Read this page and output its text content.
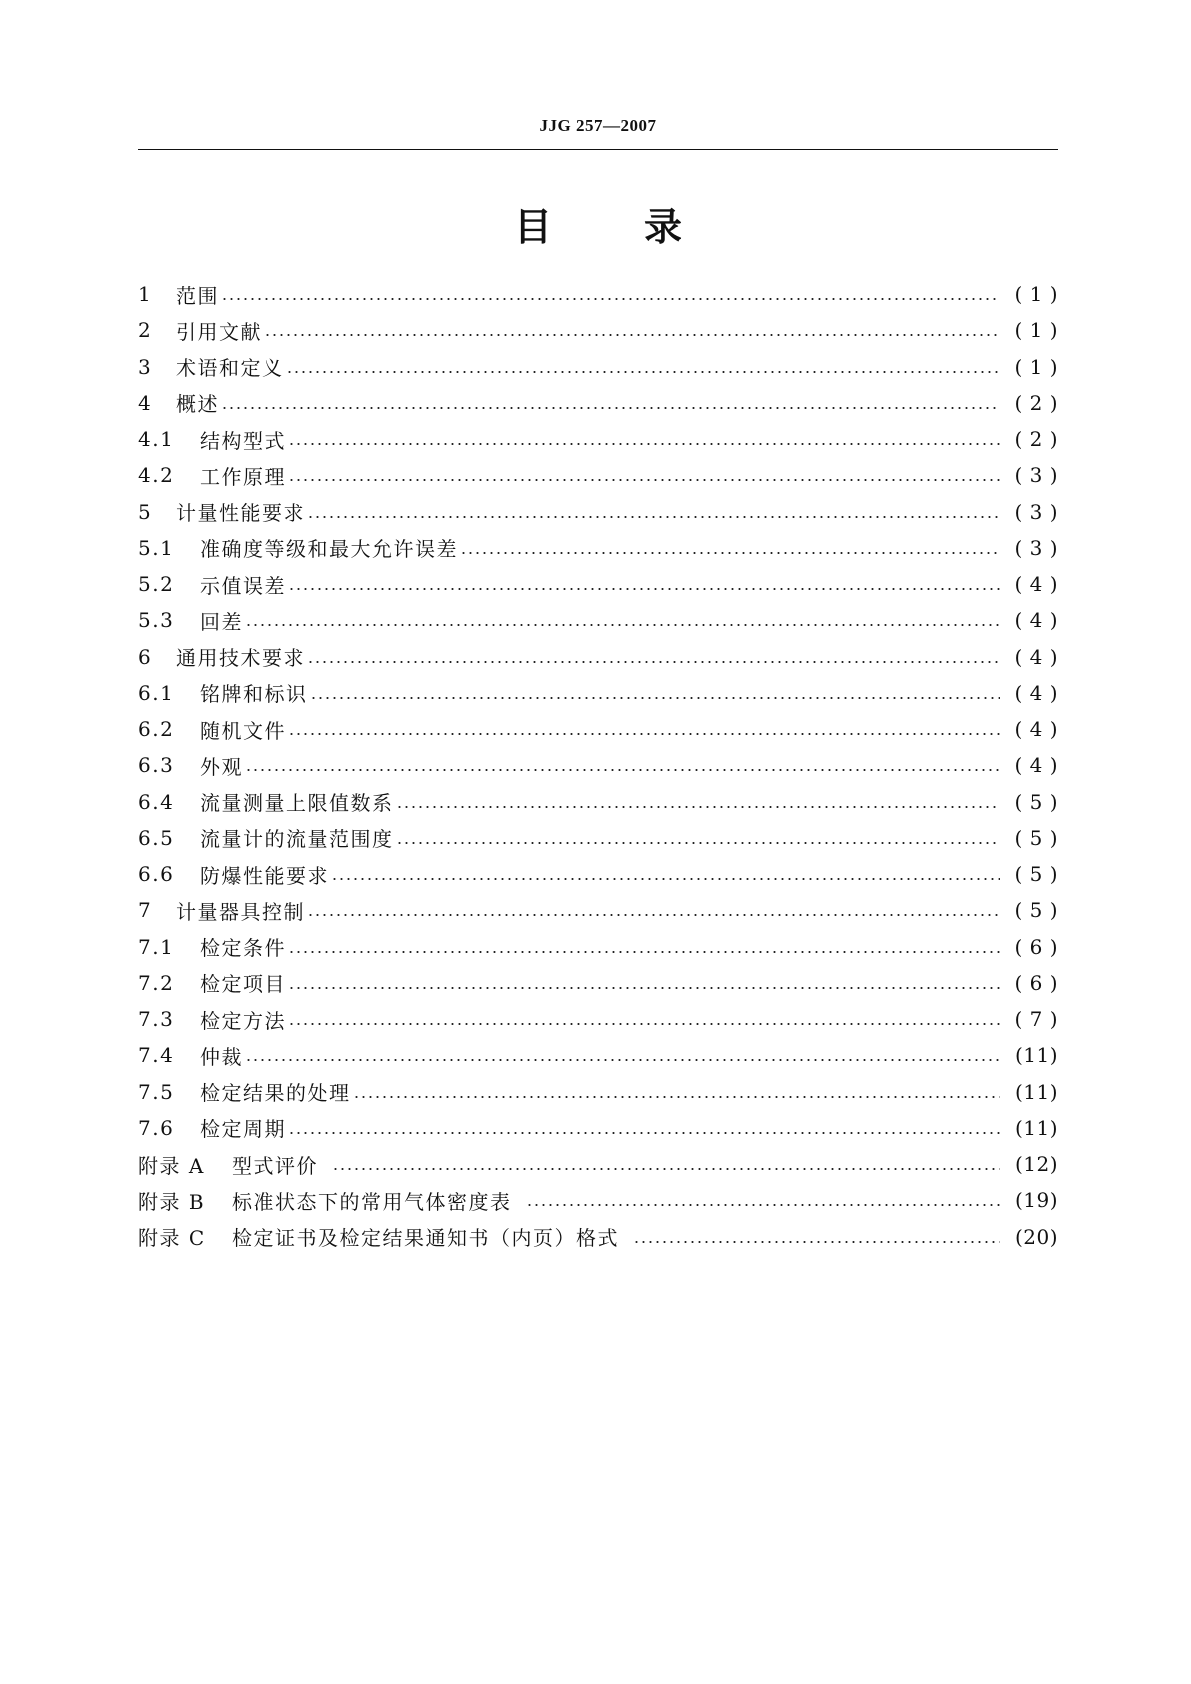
JJG 257—2007
目 录
1	范围	( 1 )
2	引用文献	( 1 )
3	术语和定义	( 1 )
4	概述	( 2 )
4.1	结构型式	( 2 )
4.2	工作原理	( 3 )
5	计量性能要求	( 3 )
5.1	准确度等级和最大允许误差	( 3 )
5.2	示值误差	( 4 )
5.3	回差	( 4 )
6	通用技术要求	( 4 )
6.1	铭牌和标识	( 4 )
6.2	随机文件	( 4 )
6.3	外观	( 4 )
6.4	流量测量上限值数系	( 5 )
6.5	流量计的流量范围度	( 5 )
6.6	防爆性能要求	( 5 )
7	计量器具控制	( 5 )
7.1	检定条件	( 6 )
7.2	检定项目	( 6 )
7.3	检定方法	( 7 )
7.4	仲裁	(11)
7.5	检定结果的处理	(11)
7.6	检定周期	(11)
附录 A	型式评价	(12)
附录 B	标准状态下的常用气体密度表	(19)
附录 C	检定证书及检定结果通知书（内页）格式	(20)
